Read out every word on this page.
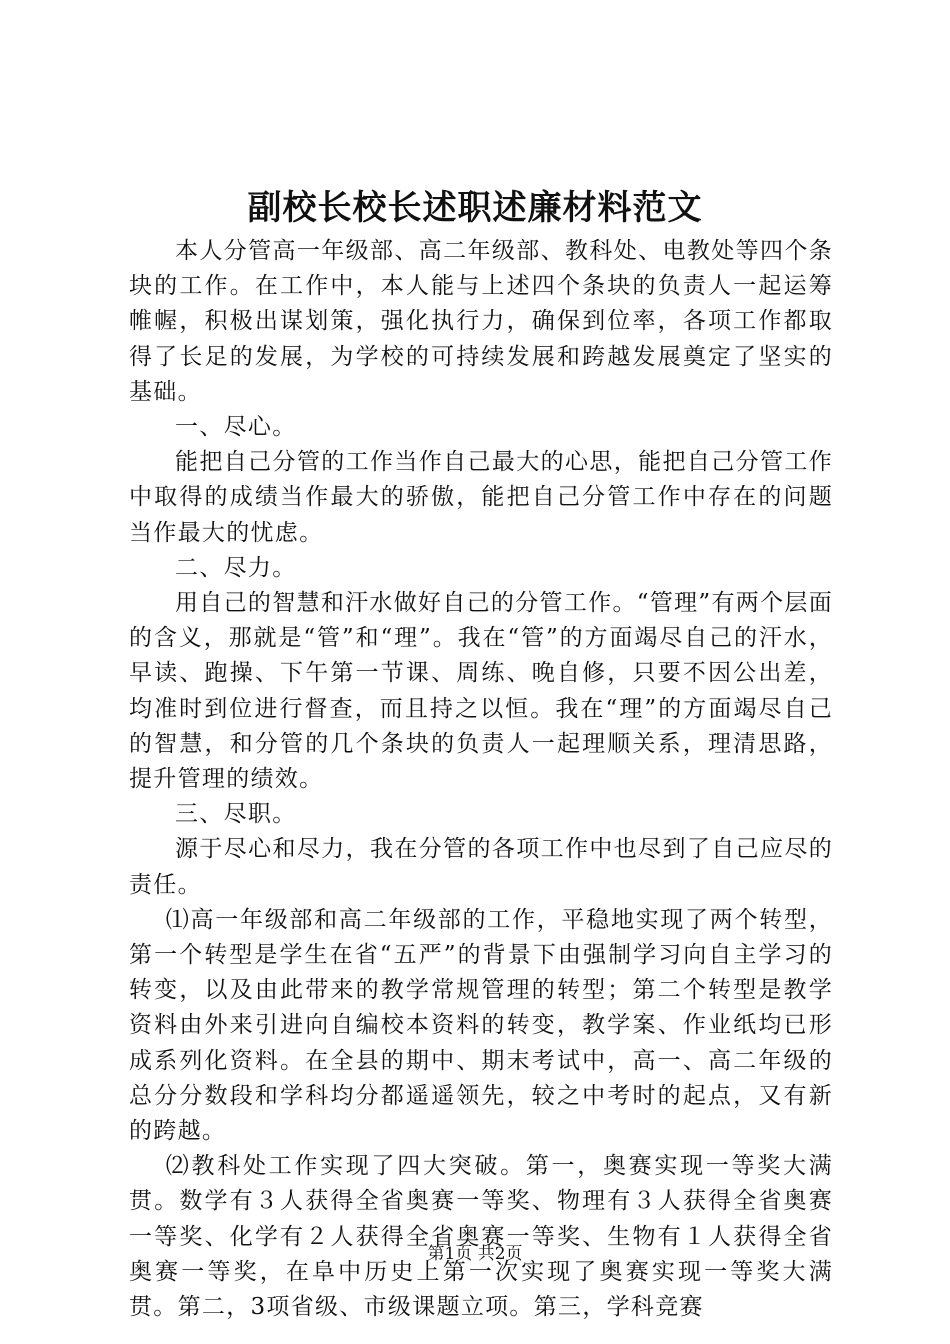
副校长校长述职述廉材料范文

本人分管高一年级部、高二年级部、教科处、电教处等四个条块的工作。在工作中，本人能与上述四个条块的负责人一起运筹帷幄，积极出谋划策，强化执行力，确保到位率，各项工作都取得了长足的发展，为学校的可持续发展和跨越发展奠定了坚实的基础。

一、尽心。

能把自己分管的工作当作自己最大的心思，能把自己分管工作中取得的成绩当作最大的骄傲，能把自己分管工作中存在的问题当作最大的忧虑。

二、尽力。

用自己的智慧和汗水做好自己的分管工作。“管理”有两个层面的含义，那就是“管”和“理”。我在“管”的方面竭尽自己的汗水，早读、跑操、下午第一节课、周练、晚自修，只要不因公出差，均准时到位进行督查，而且持之以恒。我在“理”的方面竭尽自己的智慧，和分管的几个条块的负责人一起理顺关系，理清思路，提升管理的绩效。

三、尽职。

源于尽心和尽力，我在分管的各项工作中也尽到了自己应尽的责任。

⑴高一年级部和高二年级部的工作，平稳地实现了两个转型，第一个转型是学生在省“五严”的背景下由强制学习向自主学习的转变，以及由此带来的教学常规管理的转型；第二个转型是教学资料由外来引进向自编校本资料的转变，教学案、作业纸均已形成系列化资料。在全县的期中、期末考试中，高一、高二年级的总分分数段和学科均分都遥遥领先，较之中考时的起点，又有新的跨越。

⑵教科处工作实现了四大突破。第一，奥赛实现一等奖大满贯。数学有３人获得全省奥赛一等奖、物理有３人获得全省奥赛一等奖、化学有２人获得全省奥赛一等奖、生物有１人获得全省奥赛一等奖，在阜中历史上第一次实现了奥赛实现一等奖大满贯。第二，3项省级、市级课题立项。第三，学科竞赛

第1页 共2页
